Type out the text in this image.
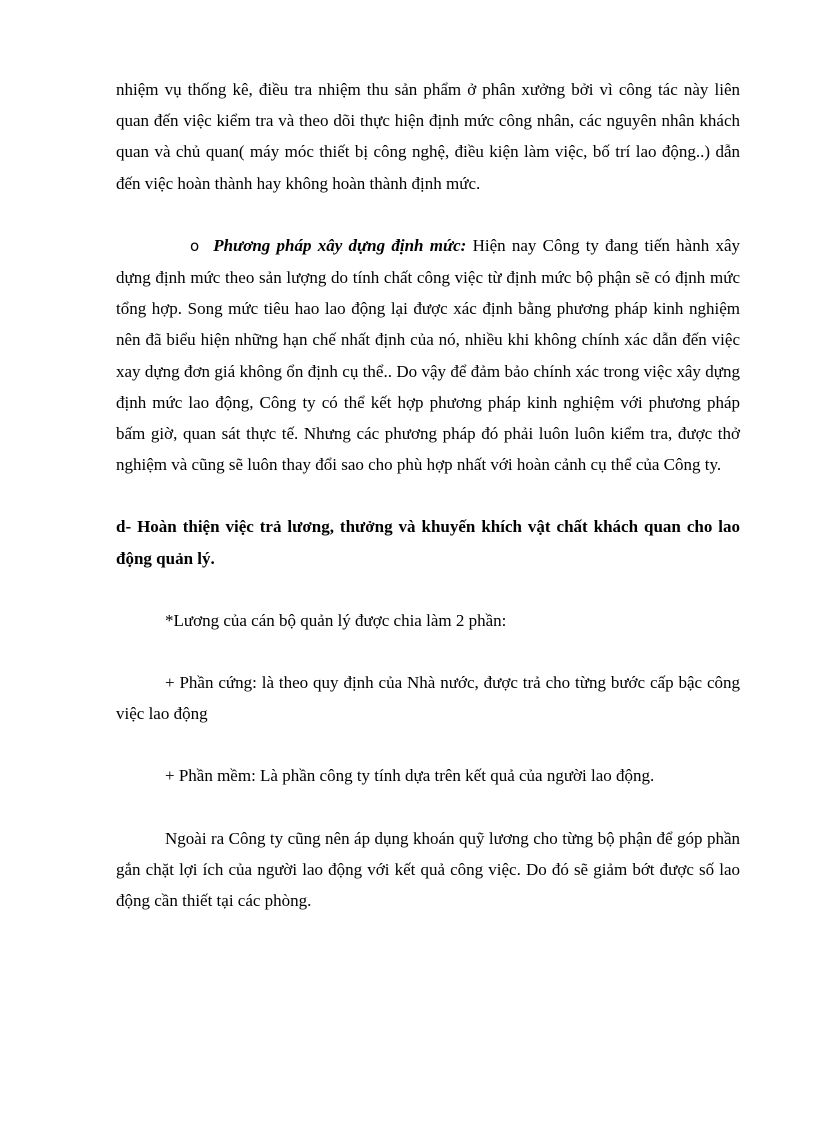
nhiệm vụ thống kê, điều tra nhiệm thu sản phẩm ở phân xưởng bởi vì công tác này liên quan đến việc kiểm tra và theo dõi thực hiện định mức công nhân, các nguyên nhân khách quan và chủ quan( máy móc thiết bị công nghệ, điều kiện làm việc, bố trí lao động..) dẫn đến việc hoàn thành hay không hoàn thành định mức.

o Phương pháp xây dựng định mức: Hiện nay Công ty đang tiến hành xây dựng định mức theo sản lượng do tính chất công việc từ định mức bộ phận sẽ có định mức tổng hợp. Song mức tiêu hao lao động lại được xác định bằng phương pháp kinh nghiệm nên đã biểu hiện những hạn chế nhất định của nó, nhiều khi không chính xác dẫn đến việc xay dựng đơn giá không ổn định cụ thể.. Do vậy để đảm bảo chính xác trong việc xây dựng định mức lao động, Công ty có thể kết hợp phương pháp kinh nghiệm với phương pháp bấm giờ, quan sát thực tế. Nhưng các phương pháp đó phải luôn luôn kiểm tra, được thở nghiệm và cũng sẽ luôn thay đổi sao cho phù hợp nhất với hoàn cảnh cụ thể của Công ty.

d- Hoàn thiện việc trả lương, thưởng và khuyến khích vật chất khách quan cho lao động quản lý.

*Lương của cán bộ quản lý được chia làm 2 phần:

+ Phần cứng: là theo quy định của Nhà nước, được trả cho từng bước cấp bậc công việc lao động

+ Phần mềm: Là phần công ty tính dựa trên kết quả của người lao động.

Ngoài ra Công ty cũng nên áp dụng khoán quỹ lương cho từng bộ phận để góp phần gắn chặt lợi ích của người lao động với kết quả công việc. Do đó sẽ giảm bớt được số lao động cần thiết tại các phòng.
